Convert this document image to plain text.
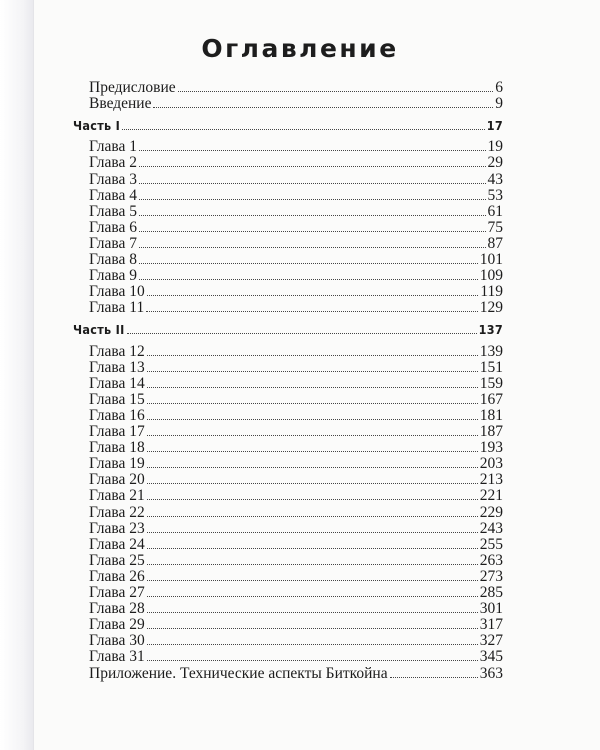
Оглавление
Предисловие	6
Введение	9
Часть I	17
Глава 1	19
Глава 2	29
Глава 3	43
Глава 4	53
Глава 5	61
Глава 6	75
Глава 7	87
Глава 8	101
Глава 9	109
Глава 10	119
Глава 11	129
Часть II	137
Глава 12	139
Глава 13	151
Глава 14	159
Глава 15	167
Глава 16	181
Глава 17	187
Глава 18	193
Глава 19	203
Глава 20	213
Глава 21	221
Глава 22	229
Глава 23	243
Глава 24	255
Глава 25	263
Глава 26	273
Глава 27	285
Глава 28	301
Глава 29	317
Глава 30	327
Глава 31	345
Приложение. Технические аспекты Биткойна	363
